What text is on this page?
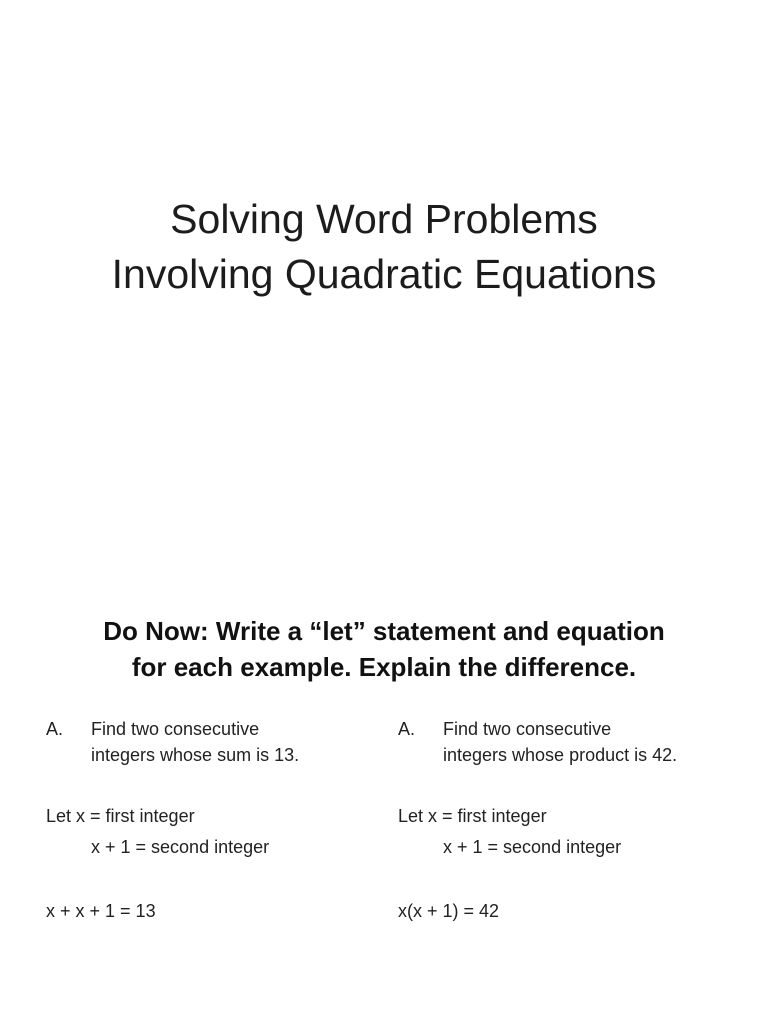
Solving Word Problems
Involving Quadratic Equations
Do Now: Write a “let” statement and equation
for each example. Explain the difference.
A. Find two consecutive
integers whose sum is 13.
Let x = first integer
x + 1 = second integer
x + x + 1 = 13
A. Find two consecutive
integers whose product is 42.
Let x = first integer
x + 1 = second integer
x(x + 1) = 42
